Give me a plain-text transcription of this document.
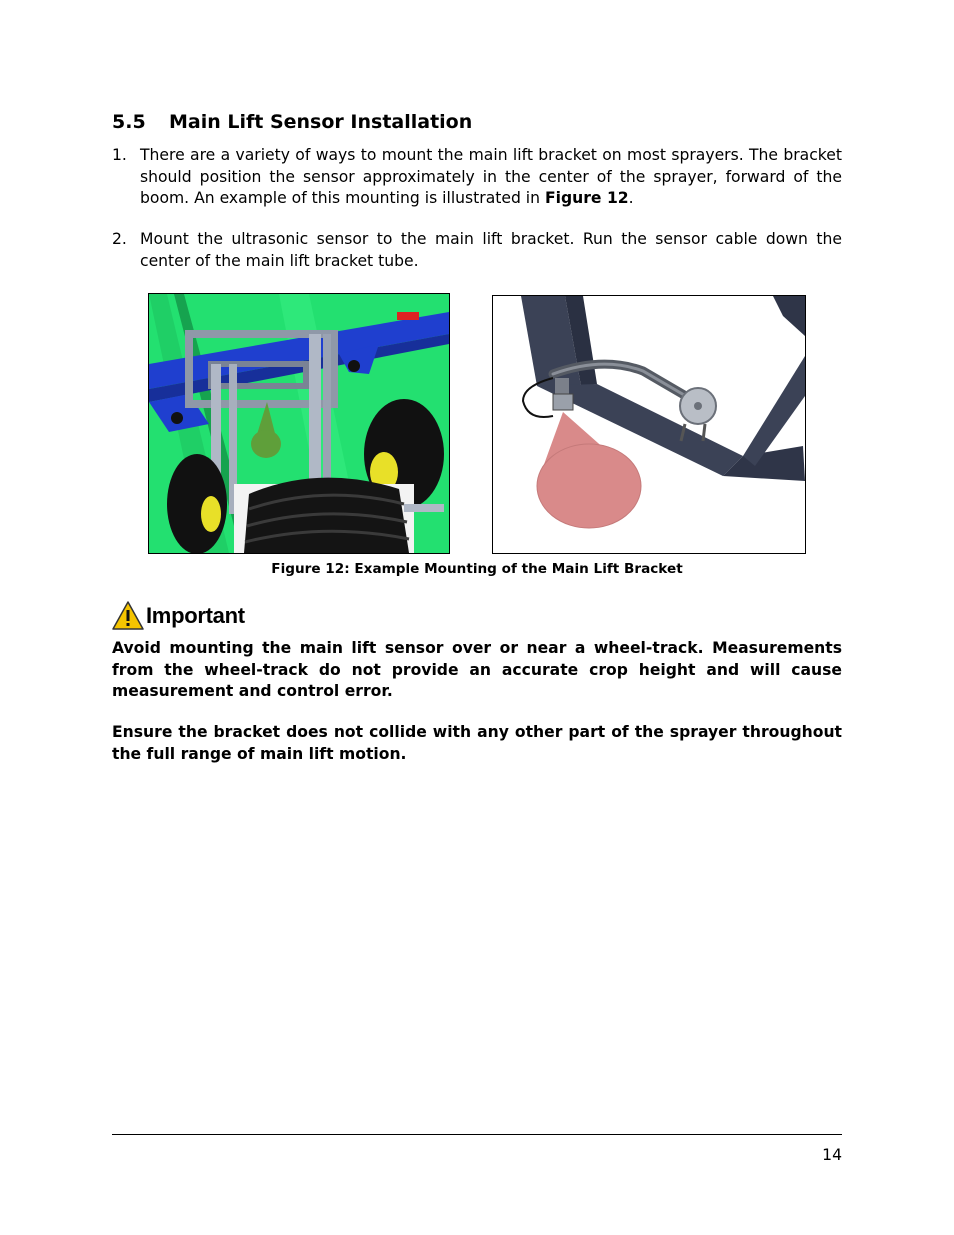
5.5 Main Lift Sensor Installation
1. There are a variety of ways to mount the main lift bracket on most sprayers. The bracket should position the sensor approximately in the center of the sprayer, forward of the boom. An example of this mounting is illustrated in Figure 12.
2. Mount the ultrasonic sensor to the main lift bracket. Run the sensor cable down the center of the main lift bracket tube.
Figure 12: Example Mounting of the Main Lift Bracket
Important
Avoid mounting the main lift sensor over or near a wheel-track. Measurements from the wheel-track do not provide an accurate crop height and will cause measurement and control error.
Ensure the bracket does not collide with any other part of the sprayer throughout the full range of main lift motion.
14
